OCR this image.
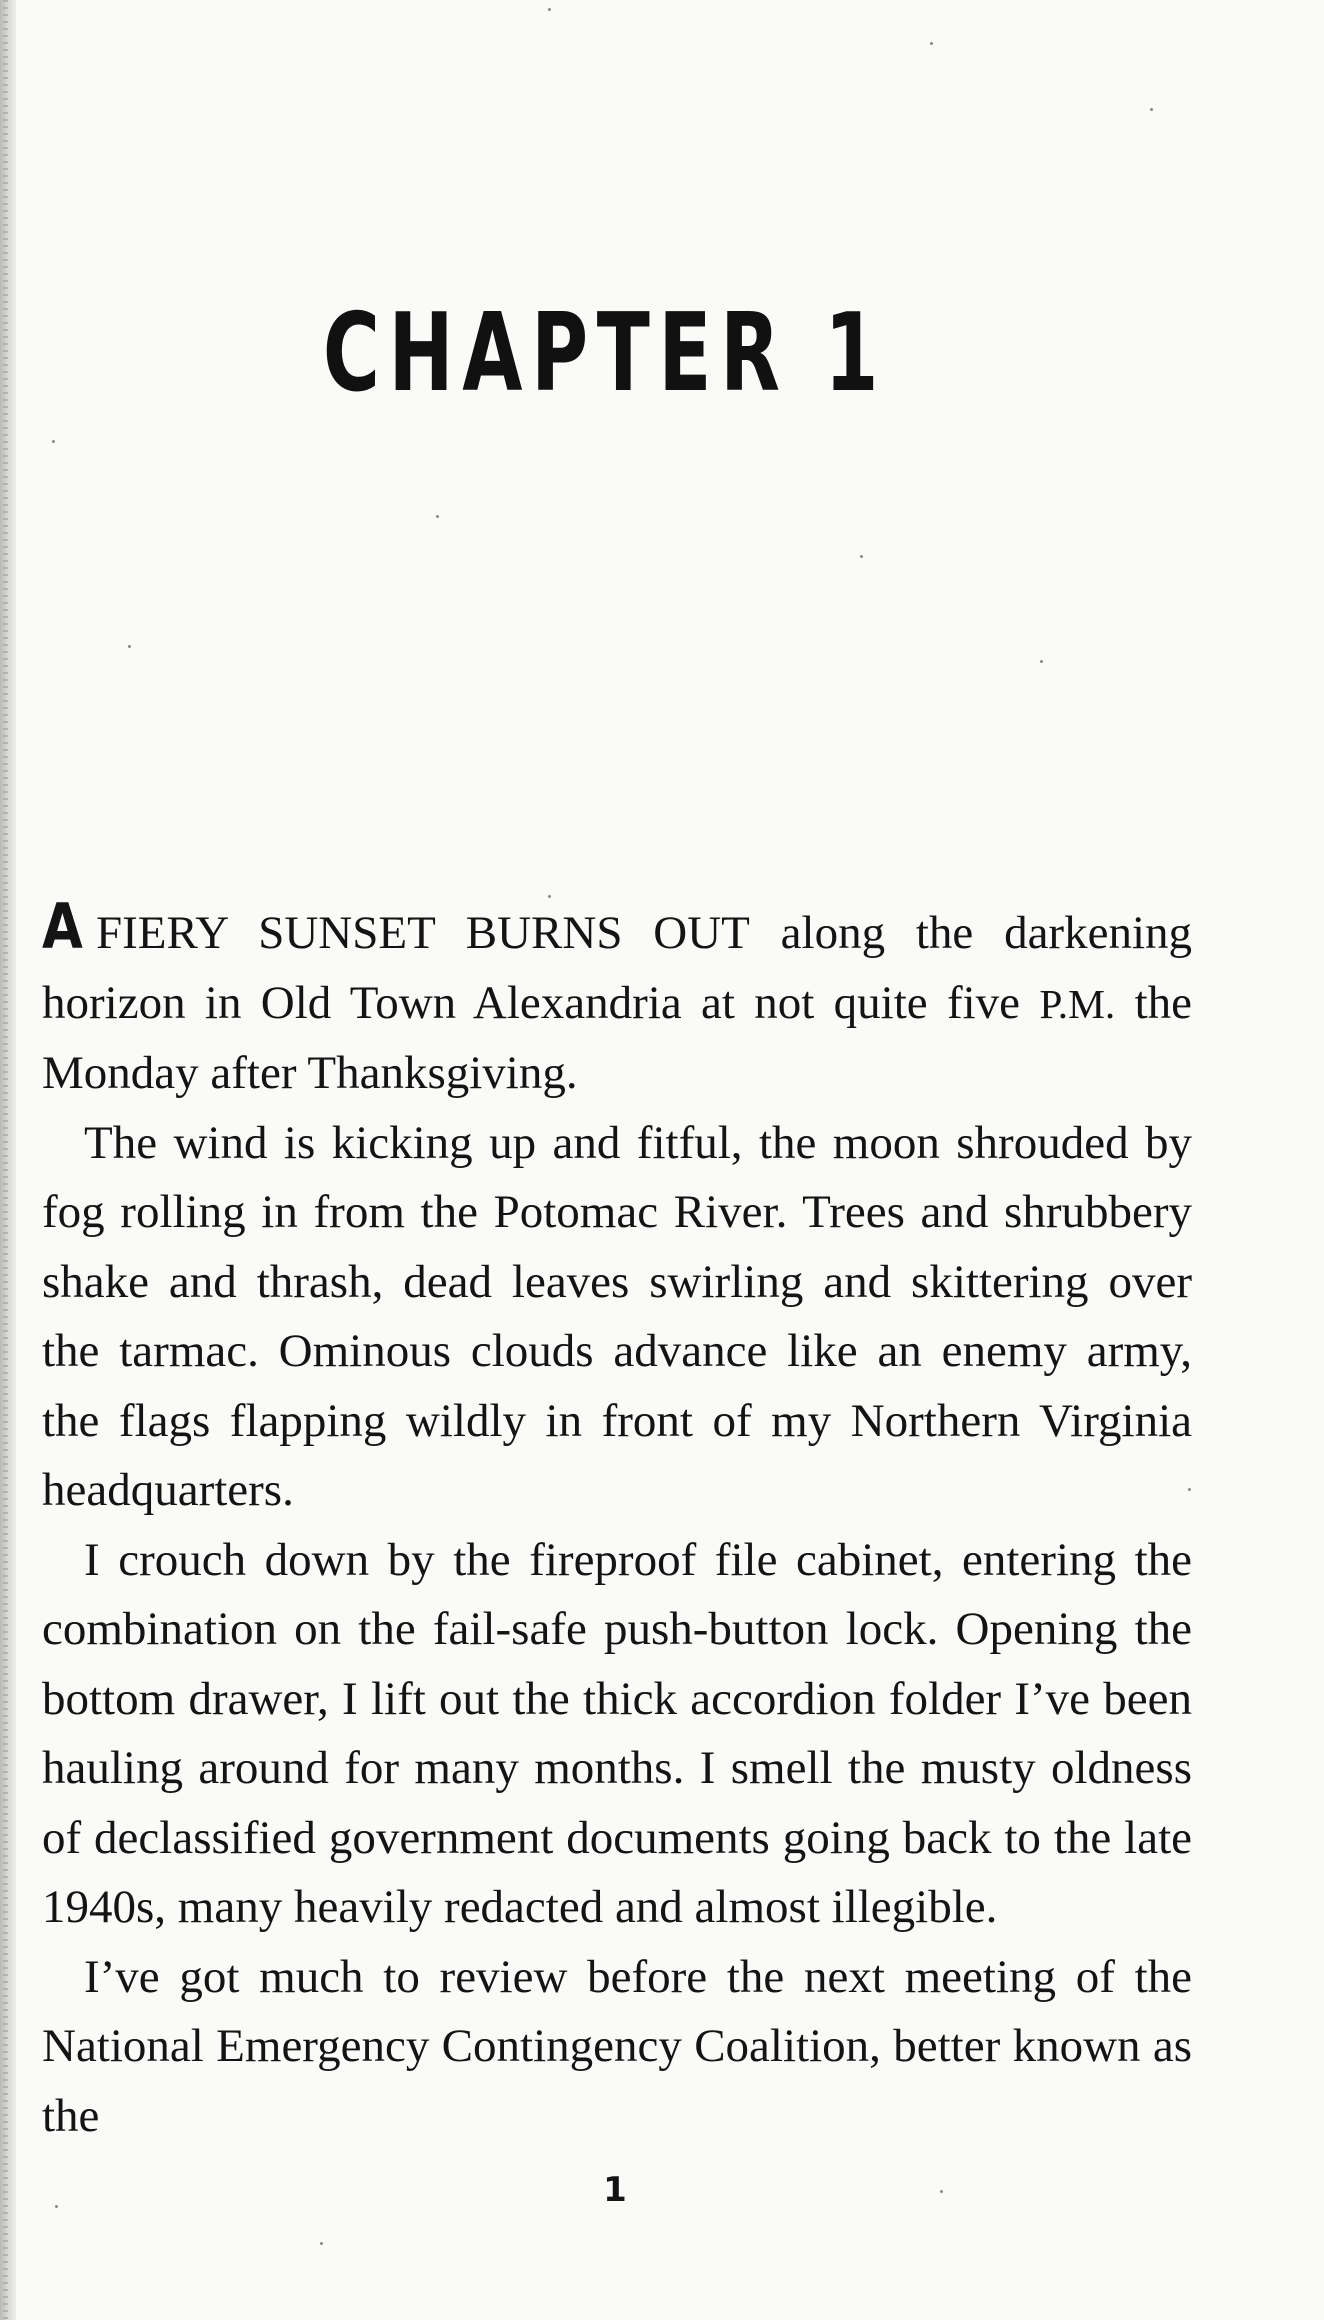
CHAPTER 1

A FIERY SUNSET BURNS OUT along the darkening horizon in Old Town Alexandria at not quite five P.M. the Monday after Thanksgiving.

The wind is kicking up and fitful, the moon shrouded by fog rolling in from the Potomac River. Trees and shrubbery shake and thrash, dead leaves swirling and skittering over the tarmac. Ominous clouds advance like an enemy army, the flags flapping wildly in front of my Northern Virginia headquarters.

I crouch down by the fireproof file cabinet, entering the combination on the fail-safe push-button lock. Opening the bottom drawer, I lift out the thick accordion folder I’ve been hauling around for many months. I smell the musty oldness of declassified government documents going back to the late 1940s, many heavily redacted and almost illegible.

I’ve got much to review before the next meeting of the National Emergency Contingency Coalition, better known as the

1
